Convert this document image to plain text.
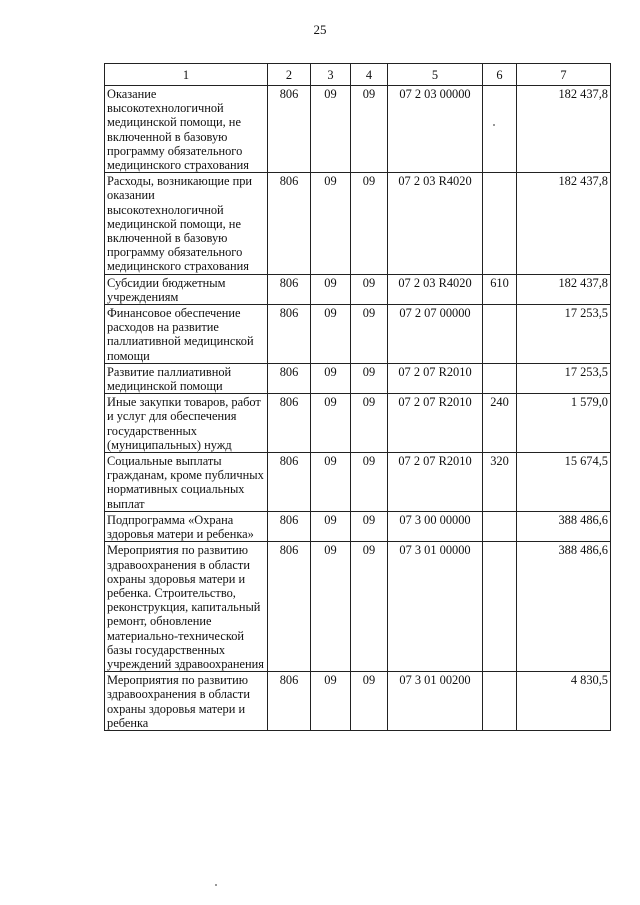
25
1	2	3	4	5	6	7
Оказание высокотехнологичной медицинской помощи, не включенной в базовую программу обязательного медицинского страхования	806	09	09	07 2 03 00000		182 437,8
Расходы, возникающие при оказании высокотехнологичной медицинской помощи, не включенной в базовую программу обязательного медицинского страхования	806	09	09	07 2 03 R4020		182 437,8
Субсидии бюджетным учреждениям	806	09	09	07 2 03 R4020	610	182 437,8
Финансовое обеспечение расходов на развитие паллиативной медицинской помощи	806	09	09	07 2 07 00000		17 253,5
Развитие паллиативной медицинской помощи	806	09	09	07 2 07 R2010		17 253,5
Иные закупки товаров, работ и услуг для обеспечения государственных (муниципальных) нужд	806	09	09	07 2 07 R2010	240	1 579,0
Социальные выплаты гражданам, кроме публичных нормативных социальных выплат	806	09	09	07 2 07 R2010	320	15 674,5
Подпрограмма «Охрана здоровья матери и ребенка»	806	09	09	07 3 00 00000		388 486,6
Мероприятия по развитию здравоохранения в области охраны здоровья матери и ребенка. Строительство, реконструкция, капитальный ремонт, обновление материально-технической базы государственных учреждений здравоохранения	806	09	09	07 3 01 00000		388 486,6
Мероприятия по развитию здравоохранения в области охраны здоровья матери и ребенка	806	09	09	07 3 01 00200		4 830,5
